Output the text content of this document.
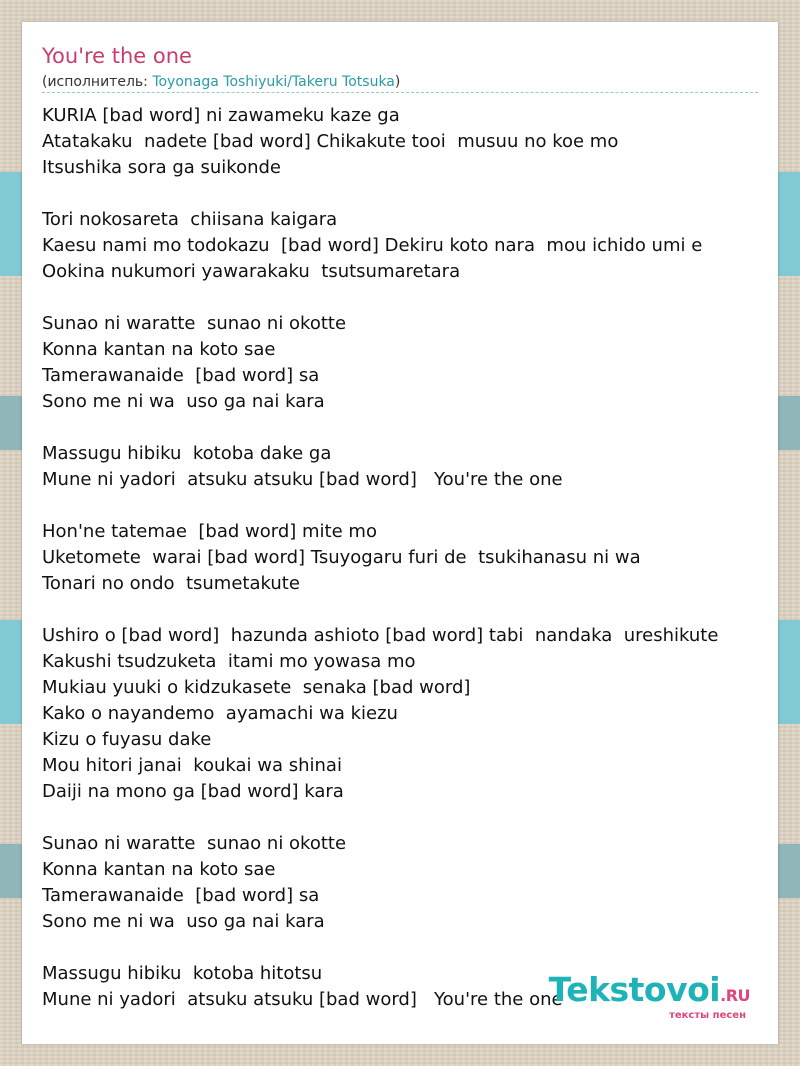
You're the one
(исполнитель: Toyonaga Toshiyuki/Takeru Totsuka)
KURIA [bad word] ni zawameku kaze ga
Atatakaku  nadete [bad word] Chikakute tooi  musuu no koe mo
Itsushika sora ga suikonde
Tori nokosareta  chiisana kaigara
Kaesu nami mo todokazu  [bad word] Dekiru koto nara  mou ichido umi e
Ookina nukumori yawarakaku  tsutsumaretara
Sunao ni waratte  sunao ni okotte
Konna kantan na koto sae
Tamerawanaide  [bad word] sa
Sono me ni wa  uso ga nai kara
Massugu hibiku  kotoba dake ga
Mune ni yadori  atsuku atsuku [bad word]   You're the one
Hon'ne tatemae  [bad word] mite mo
Uketomete  warai [bad word] Tsuyogaru furi de  tsukihanasu ni wa
Tonari no ondo  tsumetakute
Ushiro o [bad word]  hazunda ashioto [bad word] tabi  nandaka  ureshikute
Kakushi tsudzuketa  itami mo yowasa mo
Mukiau yuuki o kidzukasete  senaka [bad word]
Kako o nayandemo  ayamachi wa kiezu
Kizu o fuyasu dake
Mou hitori janai  koukai wa shinai
Daiji na mono ga [bad word] kara
Sunao ni waratte  sunao ni okotte
Konna kantan na koto sae
Tamerawanaide  [bad word] sa
Sono me ni wa  uso ga nai kara
Massugu hibiku  kotoba hitotsu
Mune ni yadori  atsuku atsuku [bad word]   You're the one
Tekstovoi.RU
тексты песен
